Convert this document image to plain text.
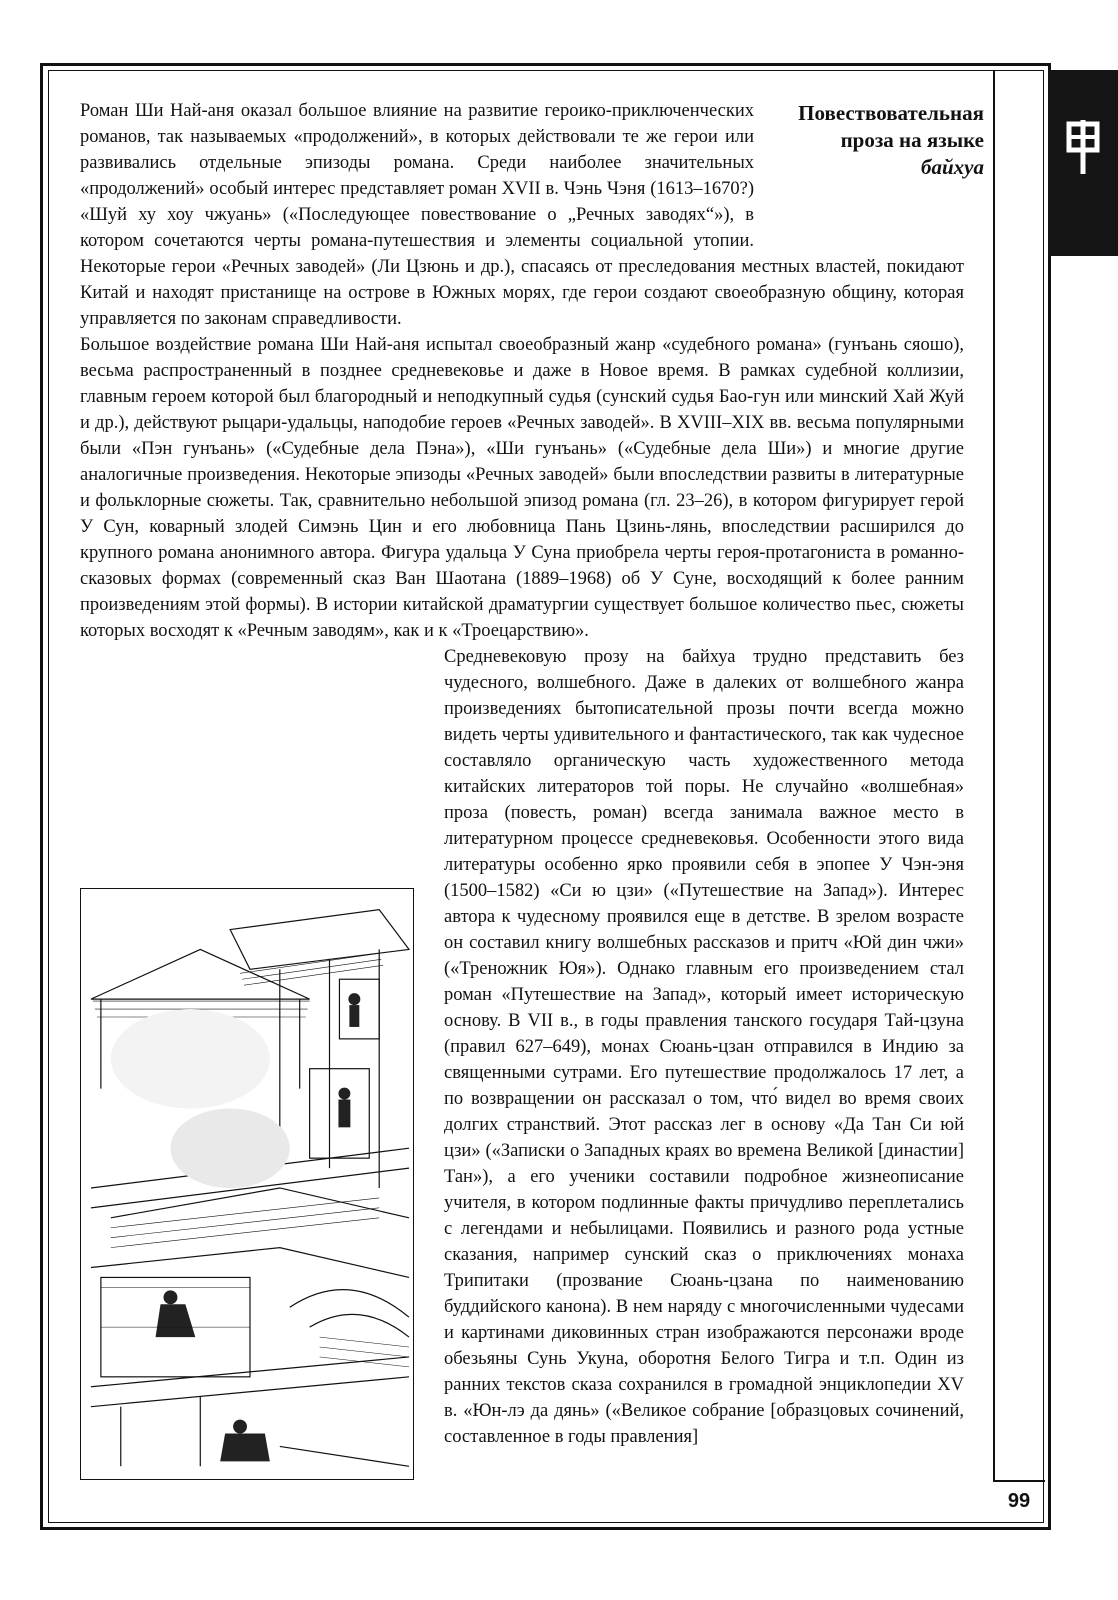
99
Повествовательная
проза на языке
байхуа

Роман Ши Най-аня оказал большое влияние на развитие героико-приключенческих романов, так называемых «продолжений», в которых действовали те же герои или развивались отдельные эпизоды романа. Среди наиболее значительных «продолжений» особый интерес представляет роман XVII в. Чэнь Чэня (1613–1670?) «Шуй ху хоу чжуань» («Последующее повествование о „Речных заводях“»), в котором сочетаются черты романа-путешествия и элементы социальной утопии. Некоторые герои «Речных заводей» (Ли Цзюнь и др.), спасаясь от преследования местных властей, покидают Китай и находят пристанище на острове в Южных морях, где герои создают своеобразную общину, которая управляется по законам справедливости.

Большое воздействие романа Ши Най-аня испытал своеобразный жанр «судебного романа» (гунъань сяошо), весьма распространенный в позднее средневековье и даже в Новое время. В рамках судебной коллизии, главным героем которой был благородный и неподкупный судья (сунский судья Бао-гун или минский Хай Жуй и др.), действуют рыцари-удальцы, наподобие героев «Речных заводей». В XVIII–XIX вв. весьма популярными были «Пэн гунъань» («Судебные дела Пэна»), «Ши гунъань» («Судебные дела Ши») и многие другие аналогичные произведения. Некоторые эпизоды «Речных заводей» были впоследствии развиты в литературные и фольклорные сюжеты. Так, сравнительно небольшой эпизод романа (гл. 23–26), в котором фигурирует герой У Сун, коварный злодей Симэнь Цин и его любовница Пань Цзинь-лянь, впоследствии расширился до крупного романа анонимного автора. Фигура удальца У Суна приобрела черты героя-протагониста в романно-сказовых формах (современный сказ Ван Шаотана (1889–1968) об У Суне, восходящий к более ранним произведениям этой формы). В истории китайской драматургии существует большое количество пьес, сюжеты которых восходят к «Речным заводям», как и к «Троецарствию».

Средневековую прозу на байхуа трудно представить без чудесного, волшебного. Даже в далеких от волшебного жанра произведениях бытописательной прозы почти всегда можно видеть черты удивительного и фантастического, так как чудесное составляло органическую часть художественного метода китайских литераторов той поры. Не случайно «волшебная» проза (повесть, роман) всегда занимала важное место в литературном процессе средневековья. Особенности этого вида литературы особенно ярко проявили себя в эпопее У Чэн-эня (1500–1582) «Си ю цзи» («Путешествие на Запад»). Интерес автора к чудесному проявился еще в детстве. В зрелом возрасте он составил книгу волшебных рассказов и притч «Юй дин чжи» («Треножник Юя»). Однако главным его произведением стал роман «Путешествие на Запад», который имеет историческую основу. В VII в., в годы правления танского государя Тай-цзуна (правил 627–649), монах Сюань-цзан отправился в Индию за священными сутрами. Его путешествие продолжалось 17 лет, а по возвращении он рассказал о том, что́ видел во время своих долгих странствий. Этот рассказ лег в основу «Да Тан Си юй цзи» («Записки о Западных краях во времена Великой [династии] Тан»), а его ученики составили подробное жизнеописание учителя, в котором подлинные факты причудливо переплетались с легендами и небылицами. Появились и разного рода устные сказания, например сунский сказ о приключениях монаха Трипитаки (прозвание Сюань-цзана по наименованию буддийского канона). В нем наряду с многочисленными чудесами и картинами диковинных стран изображаются персонажи вроде обезьяны Сунь Укуна, оборотня Белого Тигра и т.п. Один из ранних текстов сказа сохранился в громадной энциклопедии XV в. «Юн-лэ да дянь» («Великое собрание [образцовых сочинений, составленное в годы правления]
